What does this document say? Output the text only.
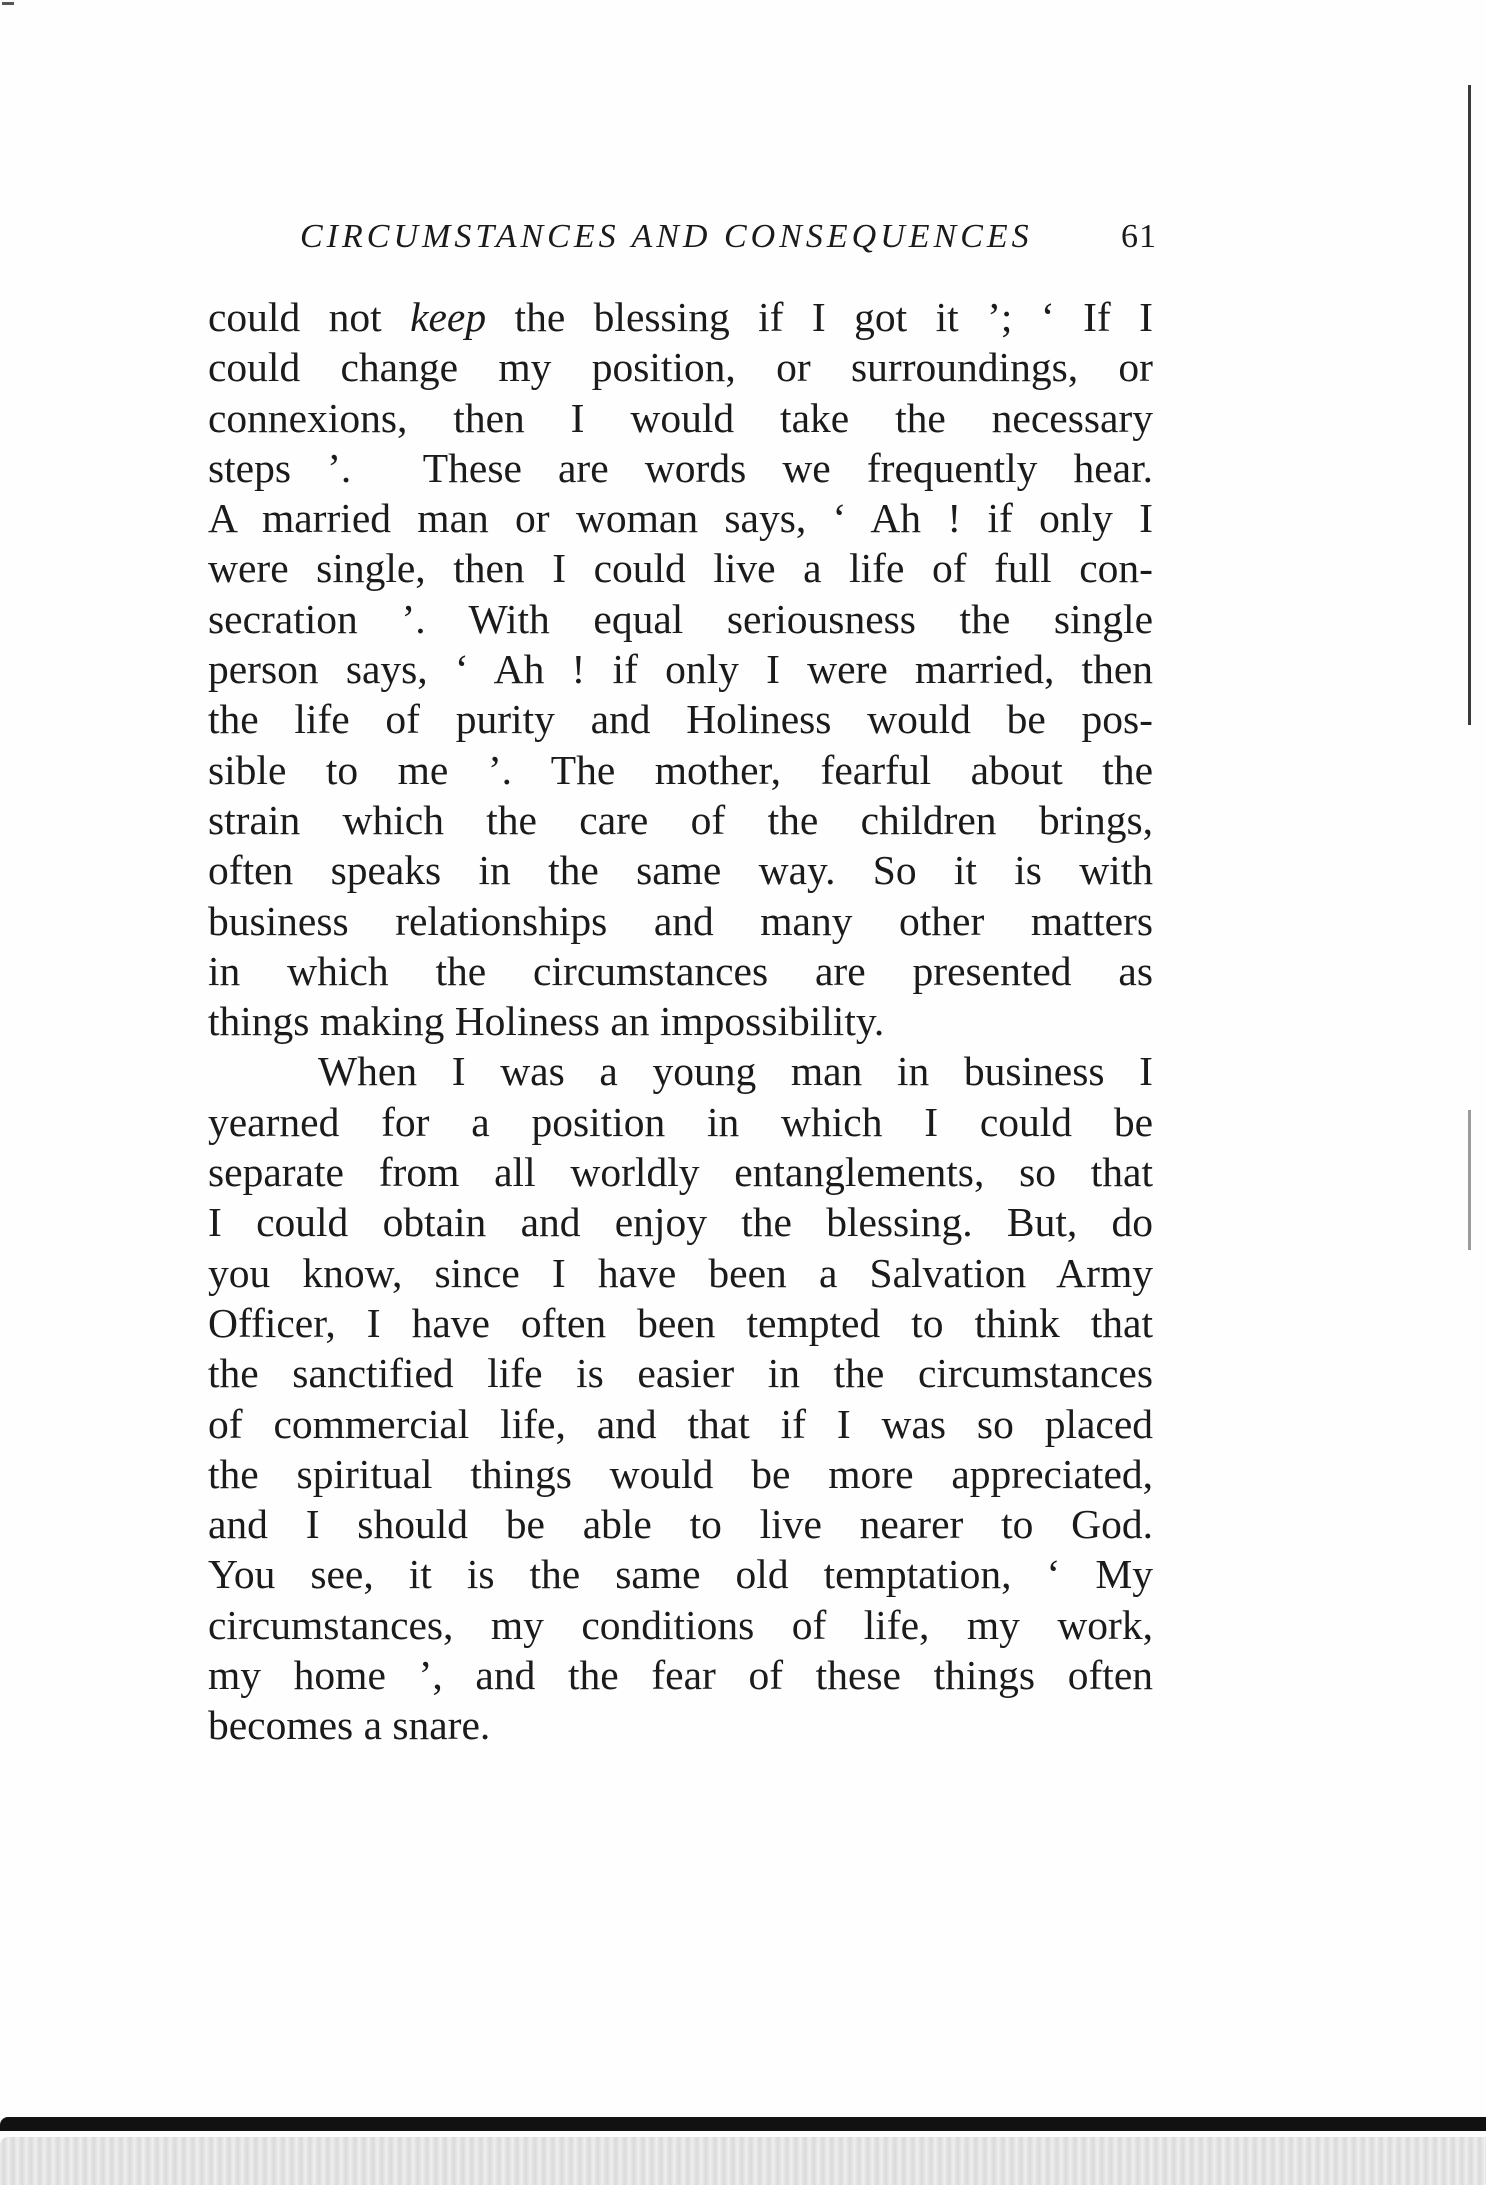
CIRCUMSTANCES AND CONSEQUENCES	61
could not keep the blessing if I got it ’; ‘ If I
could change my position, or surroundings, or
connexions, then I would take the necessary
steps ’.  These are words we frequently hear.
A married man or woman says, ‘ Ah ! if only I
were single, then I could live a life of full con-
secration ’. With equal seriousness the single
person says, ‘ Ah ! if only I were married, then
the life of purity and Holiness would be pos-
sible to me ’. The mother, fearful about the
strain which the care of the children brings,
often speaks in the same way. So it is with
business relationships and many other matters
in which the circumstances are presented as
things making Holiness an impossibility.
When I was a young man in business I
yearned for a position in which I could be
separate from all worldly entanglements, so that
I could obtain and enjoy the blessing. But, do
you know, since I have been a Salvation Army
Officer, I have often been tempted to think that
the sanctified life is easier in the circumstances
of commercial life, and that if I was so placed
the spiritual things would be more appreciated,
and I should be able to live nearer to God.
You see, it is the same old temptation, ‘ My
circumstances, my conditions of life, my work,
my home ’, and the fear of these things often
becomes a snare.
